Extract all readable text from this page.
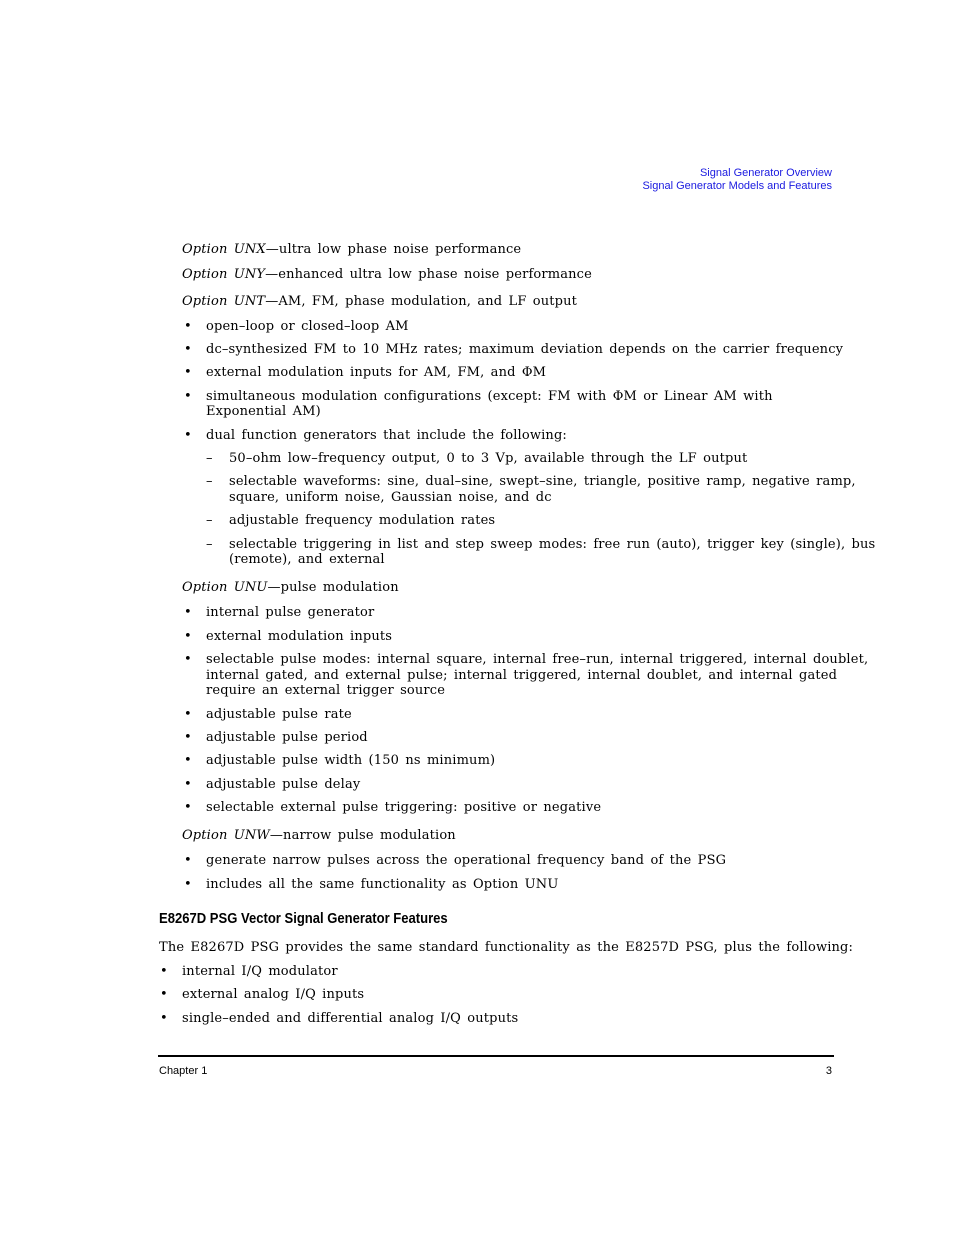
Signal Generator Overview
Signal Generator Models and Features
Option UNX—ultra low phase noise performance
Option UNY—enhanced ultra low phase noise performance
Option UNT—AM, FM, phase modulation, and LF output
• open–loop or closed–loop AM
• dc–synthesized FM to 10 MHz rates; maximum deviation depends on the carrier frequency
• external modulation inputs for AM, FM, and ΦM
• simultaneous modulation configurations (except: FM with ΦM or Linear AM with
Exponential AM)
• dual function generators that include the following:
– 50–ohm low–frequency output, 0 to 3 Vp, available through the LF output
– selectable waveforms: sine, dual–sine, swept–sine, triangle, positive ramp, negative ramp,
square, uniform noise, Gaussian noise, and dc
– adjustable frequency modulation rates
– selectable triggering in list and step sweep modes: free run (auto), trigger key (single), bus
(remote), and external
Option UNU—pulse modulation
• internal pulse generator
• external modulation inputs
• selectable pulse modes: internal square, internal free–run, internal triggered, internal doublet,
internal gated, and external pulse; internal triggered, internal doublet, and internal gated
require an external trigger source
• adjustable pulse rate
• adjustable pulse period
• adjustable pulse width (150 ns minimum)
• adjustable pulse delay
• selectable external pulse triggering: positive or negative
Option UNW—narrow pulse modulation
• generate narrow pulses across the operational frequency band of the PSG
• includes all the same functionality as Option UNU
E8267D PSG Vector Signal Generator Features
The E8267D PSG provides the same standard functionality as the E8257D PSG, plus the following:
• internal I/Q modulator
• external analog I/Q inputs
• single–ended and differential analog I/Q outputs
Chapter 1	3
